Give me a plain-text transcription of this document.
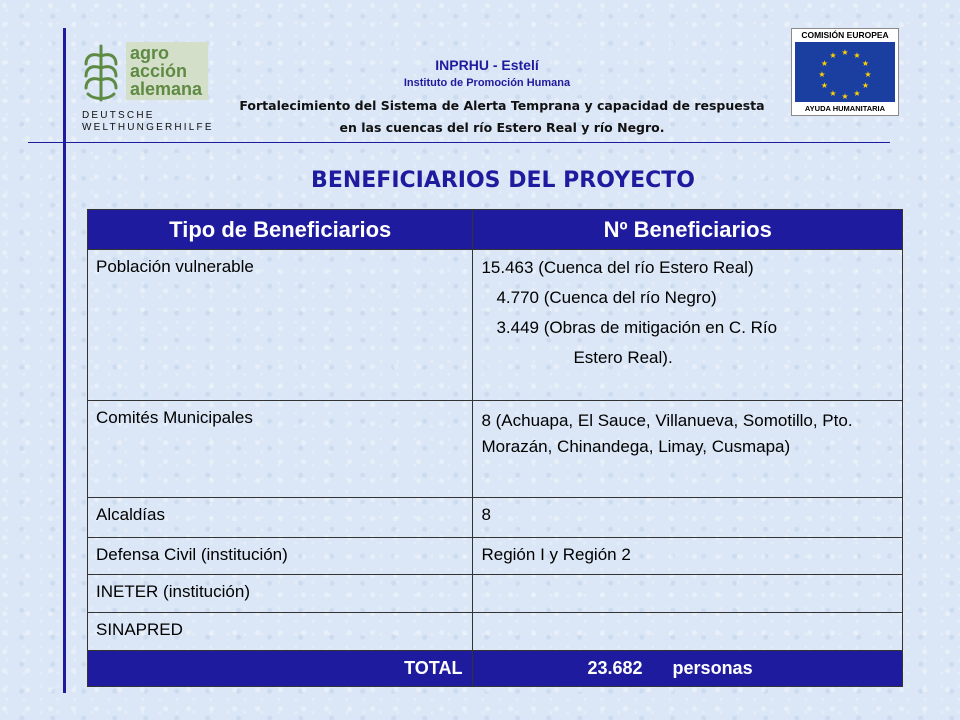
agro
acción
alemana
DEUTSCHE
WELTHUNGERHILFE
INPRHU - Estelí
Instituto de Promoción Humana
Fortalecimiento del Sistema de Alerta Temprana y capacidad de respuesta
en las cuencas del río Estero Real y río Negro.
COMISIÓN EUROPEA
★ ★
★
★
★
★
★
★
★
★
★
★
AYUDA HUMANITARIA
BENEFICIARIOS DEL PROYECTO
Tipo de Beneficiarios	Nº Beneficiarios
Población vulnerable	15.463 (Cuenca del río Estero Real)
4.770 (Cuenca del río Negro)
3.449 (Obras de mitigación en C. Río
Estero Real).

Comités Municipales	8 (Achuapa, El Sauce, Villanueva, Somotillo, Pto. Morazán, Chinandega, Limay, Cusmapa)
Alcaldías	8
Defensa Civil (institución)	Región I y Región 2
INETER (institución)	
SINAPRED	
TOTAL	23.682 personas
